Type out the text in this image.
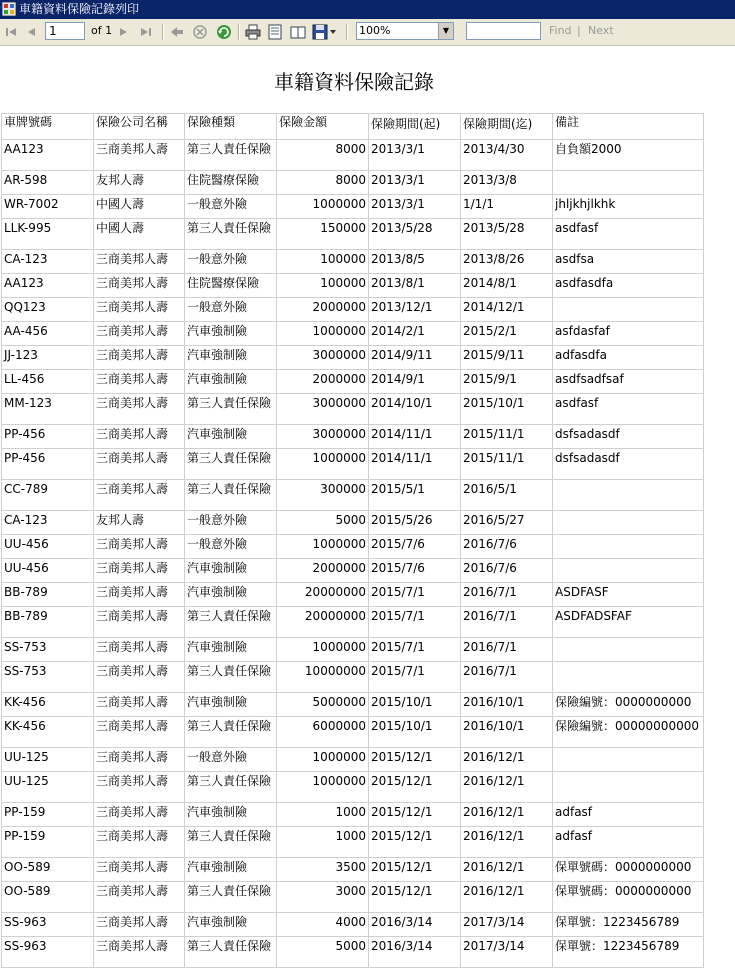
車籍資料保險記錄列印
1	of 1	100%	▼	Find | Next
車籍資料保險記錄
車牌號碼	保險公司名稱	保險種類	保險金額	保險期間(起)	保險期間(迄)	備註
AA123	三商美邦人壽	第三人責任保險	8000	2013/3/1	2013/4/30	自負額2000
AR-598	友邦人壽	住院醫療保險	8000	2013/3/1	2013/3/8	
WR-7002	中國人壽	一般意外險	1000000	2013/3/1	1/1/1	jhljkhjlkhk
LLK-995	中國人壽	第三人責任保險	150000	2013/5/28	2013/5/28	asdfasf
CA-123	三商美邦人壽	一般意外險	100000	2013/8/5	2013/8/26	asdfsa
AA123	三商美邦人壽	住院醫療保險	100000	2013/8/1	2014/8/1	asdfasdfa
QQ123	三商美邦人壽	一般意外險	2000000	2013/12/1	2014/12/1	
AA-456	三商美邦人壽	汽車強制險	1000000	2014/2/1	2015/2/1	asfdasfaf
JJ-123	三商美邦人壽	汽車強制險	3000000	2014/9/11	2015/9/11	adfasdfa
LL-456	三商美邦人壽	汽車強制險	2000000	2014/9/1	2015/9/1	asdfsadfsaf
MM-123	三商美邦人壽	第三人責任保險	3000000	2014/10/1	2015/10/1	asdfasf
PP-456	三商美邦人壽	汽車強制險	3000000	2014/11/1	2015/11/1	dsfsadasdf
PP-456	三商美邦人壽	第三人責任保險	1000000	2014/11/1	2015/11/1	dsfsadasdf
CC-789	三商美邦人壽	第三人責任保險	300000	2015/5/1	2016/5/1	
CA-123	友邦人壽	一般意外險	5000	2015/5/26	2016/5/27	
UU-456	三商美邦人壽	一般意外險	1000000	2015/7/6	2016/7/6	
UU-456	三商美邦人壽	汽車強制險	2000000	2015/7/6	2016/7/6	
BB-789	三商美邦人壽	汽車強制險	20000000	2015/7/1	2016/7/1	ASDFASF
BB-789	三商美邦人壽	第三人責任保險	20000000	2015/7/1	2016/7/1	ASDFADSFAF
SS-753	三商美邦人壽	汽車強制險	1000000	2015/7/1	2016/7/1	
SS-753	三商美邦人壽	第三人責任保險	10000000	2015/7/1	2016/7/1	
KK-456	三商美邦人壽	汽車強制險	5000000	2015/10/1	2016/10/1	保險編號：0000000000
KK-456	三商美邦人壽	第三人責任保險	6000000	2015/10/1	2016/10/1	保險編號：00000000000
UU-125	三商美邦人壽	一般意外險	1000000	2015/12/1	2016/12/1	
UU-125	三商美邦人壽	第三人責任保險	1000000	2015/12/1	2016/12/1	
PP-159	三商美邦人壽	汽車強制險	1000	2015/12/1	2016/12/1	adfasf
PP-159	三商美邦人壽	第三人責任保險	1000	2015/12/1	2016/12/1	adfasf
OO-589	三商美邦人壽	汽車強制險	3500	2015/12/1	2016/12/1	保單號碼：0000000000
OO-589	三商美邦人壽	第三人責任保險	3000	2015/12/1	2016/12/1	保單號碼：0000000000
SS-963	三商美邦人壽	汽車強制險	4000	2016/3/14	2017/3/14	保單號：1223456789
SS-963	三商美邦人壽	第三人責任保險	5000	2016/3/14	2017/3/14	保單號：1223456789
